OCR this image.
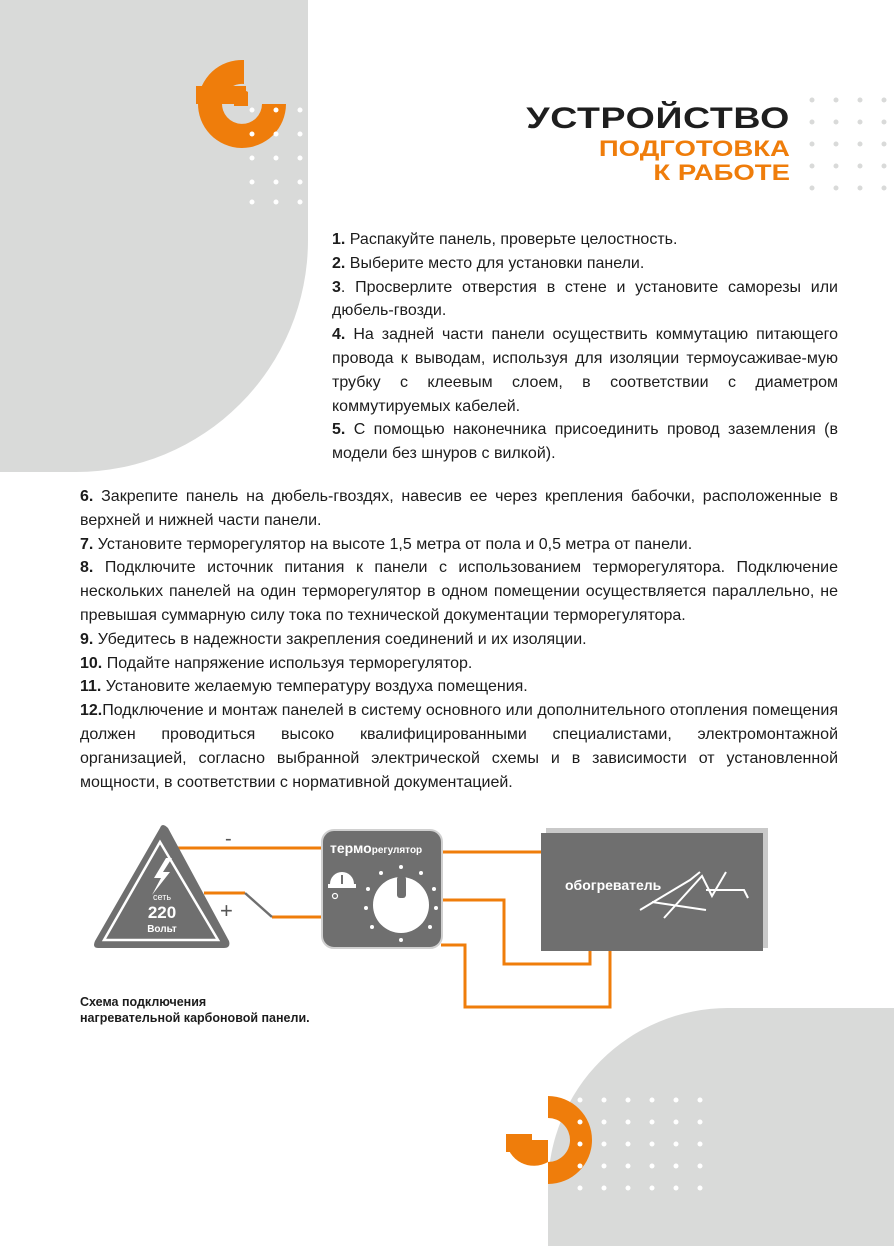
-
+
сеть
220
Вольт
терморегулятор
обогреватель
УСТРОЙСТВО
ПОДГОТОВКА
К РАБОТЕ

1. Распакуйте панель, проверьте целостность.

2. Выберите место для установки панели.

3. Просверлите отверстия в стене и установите саморезы или дюбель-гвозди.

4. На задней части панели осуществить коммутацию питающего провода к выводам, используя для изоляции термоусаживае-мую трубку с клеевым слоем, в соответствии с диаметром коммутируемых кабелей.

5. С помощью наконечника присоединить провод заземления (в модели без шнуров с вилкой).

6. Закрепите панель на дюбель-гвоздях, навесив ее через крепления бабочки, расположенные в верхней и нижней части панели.

7. Установите терморегулятор на высоте 1,5 метра от пола и 0,5 метра от панели.

8. Подключите источник питания к панели с использованием терморегулятора. Подключение нескольких панелей на один терморегулятор в одном помещении осуществляется параллельно, не превышая суммарную силу тока по технической документации терморегулятора.

9. Убедитесь в надежности закрепления соединений и их изоляции.

10. Подайте напряжение используя терморегулятор.

11. Установите желаемую температуру воздуха помещения.

12.Подключение и монтаж панелей в систему основного или дополнительного отопления помещения должен проводиться высоко квалифицированными специалистами, электромонтажной организацией, согласно выбранной электрической схемы и в зависимости от установленной мощности, в соответствии с нормативной документацией.

Схема подключения
нагревательной карбоновой панели.
